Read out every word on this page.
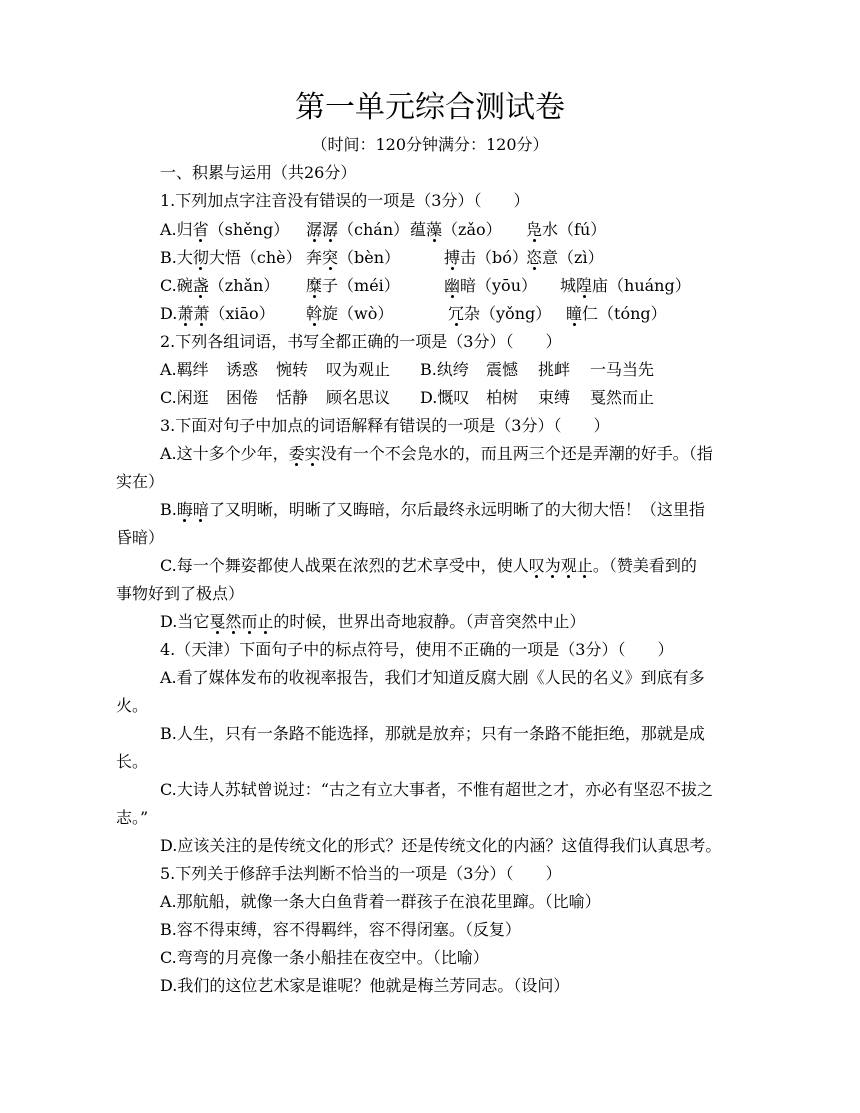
第一单元综合测试卷
（时间：120分钟满分：120分）
一、积累与运用（共26分）
1.下列加点字注音没有错误的一项是（3分）（　　）
A.归省（shěng） 潺潺（chán）蕴藻（zǎo） 凫水（fú）
B.大彻大悟（chè） 奔突（bèn）	搏击（bó）恣意（zì）
C.碗盏（zhǎn） 糜子（méi）	幽暗（yōu） 城隍庙（huáng）
D.萧萧（xiāo） 斡旋（wò）	冗杂（yǒng） 瞳仁（tóng）
2.下列各组词语，书写全都正确的一项是（3分）（　　）
A.羁绊 诱惑 惋转 叹为观止 B.纨绔 震憾 挑衅 一马当先
C.闲逛 困倦 恬静 顾名思议 D.慨叹 柏树 束缚 戛然而止
3.下面对句子中加点的词语解释有错误的一项是（3分）（　　）
A.这十多个少年，委实没有一个不会凫水的，而且两三个还是弄潮的好手。（指
实在）
B.晦暗了又明晰，明晰了又晦暗，尔后最终永远明晰了的大彻大悟！（这里指
昏暗）
C.每一个舞姿都使人战栗在浓烈的艺术享受中，使人叹为观止。（赞美看到的
事物好到了极点）
D.当它戛然而止的时候，世界出奇地寂静。（声音突然中止）
4.（天津）下面句子中的标点符号，使用不正确的一项是（3分）（　　）
A.看了媒体发布的收视率报告，我们才知道反腐大剧《人民的名义》到底有多
火。
B.人生，只有一条路不能选择，那就是放弃；只有一条路不能拒绝，那就是成
长。
C.大诗人苏轼曾说过：“古之有立大事者，不惟有超世之才，亦必有坚忍不拔之
志。”
D.应该关注的是传统文化的形式？还是传统文化的内涵？这值得我们认真思考。
5.下列关于修辞手法判断不恰当的一项是（3分）（　　）
A.那航船，就像一条大白鱼背着一群孩子在浪花里蹿。（比喻）
B.容不得束缚，容不得羁绊，容不得闭塞。（反复）
C.弯弯的月亮像一条小船挂在夜空中。（比喻）
D.我们的这位艺术家是谁呢？他就是梅兰芳同志。（设问）
